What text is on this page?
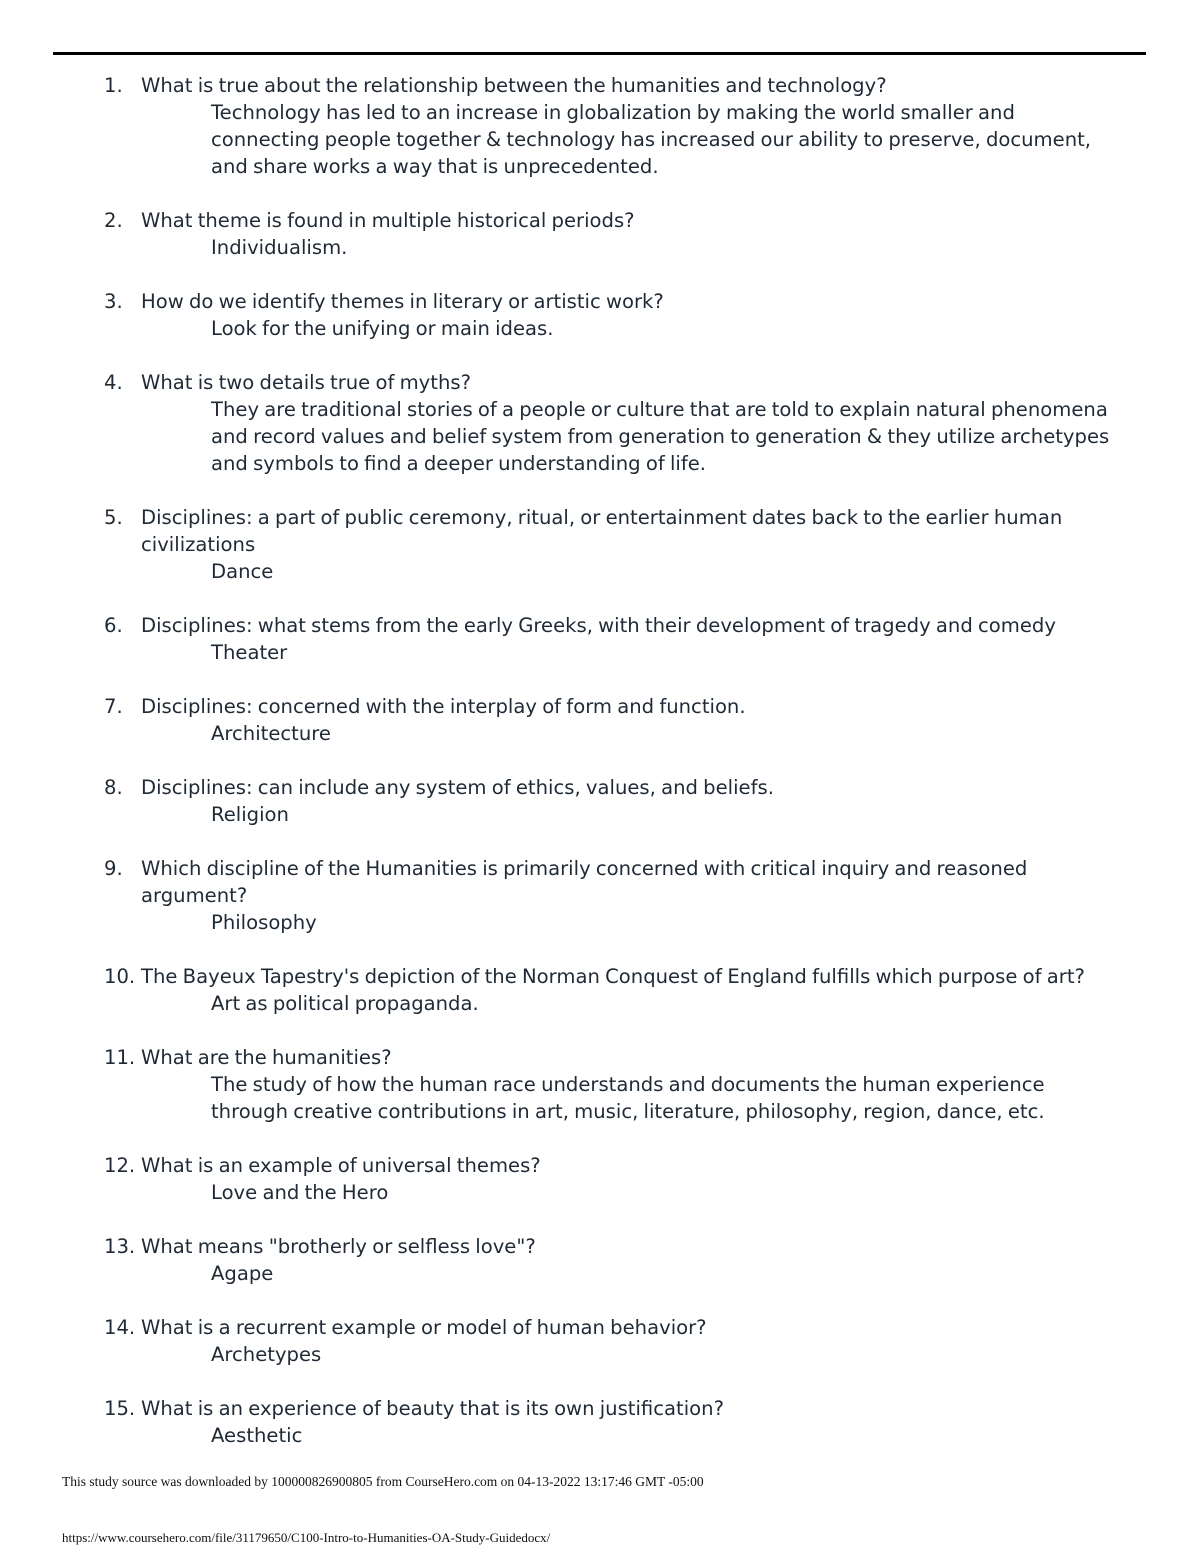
1. What is true about the relationship between the humanities and technology?
Technology has led to an increase in globalization by making the world smaller and connecting people together & technology has increased our ability to preserve, document, and share works a way that is unprecedented.
2. What theme is found in multiple historical periods?
Individualism.
3. How do we identify themes in literary or artistic work?
Look for the unifying or main ideas.
4. What is two details true of myths?
They are traditional stories of a people or culture that are told to explain natural phenomena and record values and belief system from generation to generation & they utilize archetypes and symbols to find a deeper understanding of life.
5. Disciplines: a part of public ceremony, ritual, or entertainment dates back to the earlier human civilizations
Dance
6. Disciplines: what stems from the early Greeks, with their development of tragedy and comedy
Theater
7. Disciplines: concerned with the interplay of form and function.
Architecture
8. Disciplines: can include any system of ethics, values, and beliefs.
Religion
9. Which discipline of the Humanities is primarily concerned with critical inquiry and reasoned argument?
Philosophy
10. The Bayeux Tapestry's depiction of the Norman Conquest of England fulfills which purpose of art?
Art as political propaganda.
11. What are the humanities?
The study of how the human race understands and documents the human experience through creative contributions in art, music, literature, philosophy, region, dance, etc.
12. What is an example of universal themes?
Love and the Hero
13. What means "brotherly or selfless love"?
Agape
14. What is a recurrent example or model of human behavior?
Archetypes
15. What is an experience of beauty that is its own justification?
Aesthetic
This study source was downloaded by 100000826900805 from CourseHero.com on 04-13-2022 13:17:46 GMT -05:00
https://www.coursehero.com/file/31179650/C100-Intro-to-Humanities-OA-Study-Guidedocx/
